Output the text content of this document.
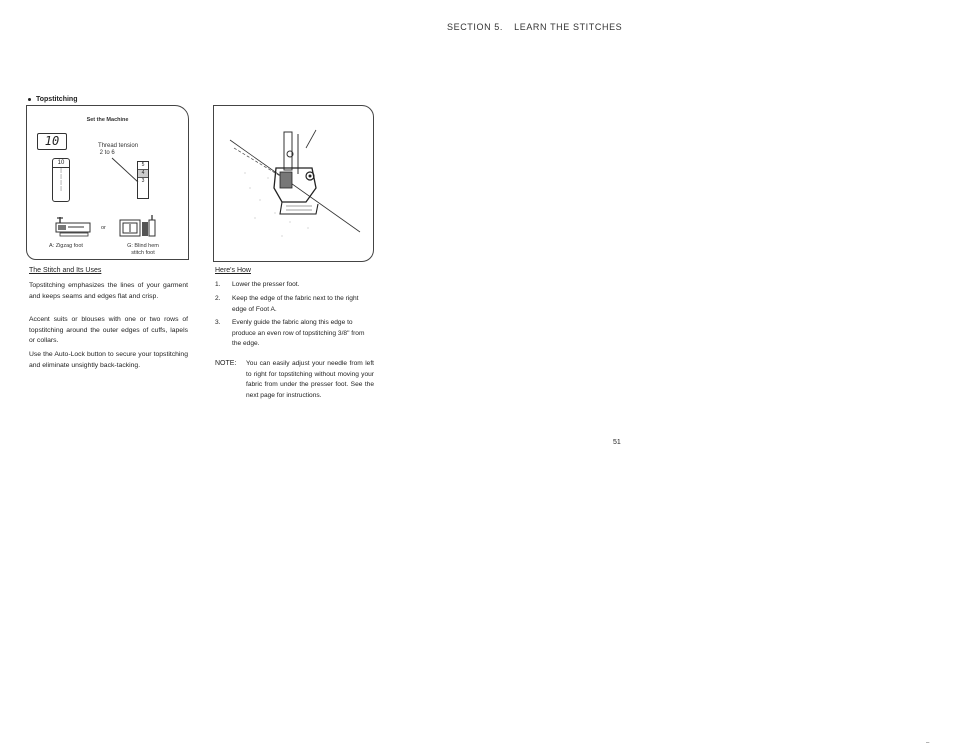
SECTION 5. LEARN THE STITCHES
Topstitching
Set the Machine
10
10
|
|
|
|
Thread tension
2 to 6
5
4
3
or
A: Zigzag foot	G: Blind hem
stitch foot
The Stitch and Its Uses
Topstitching emphasizes the lines of your garment and keeps seams and edges flat and crisp.
Accent suits or blouses with one or two rows of topstitching around the outer edges of cuffs, lapels or collars.
Use the Auto-Lock button to secure your topstitching and eliminate unsightly back-tacking.
Here's How
1. Lower the presser foot.
2. Keep the edge of the fabric next to the right edge of Foot A.
3. Evenly guide the fabric along this edge to produce an even row of topstitching 3/8" from the edge.
NOTE: You can easily adjust your needle from left to right for topstitching without moving your fabric from under the presser foot. See the next page for instructions.
51
–
